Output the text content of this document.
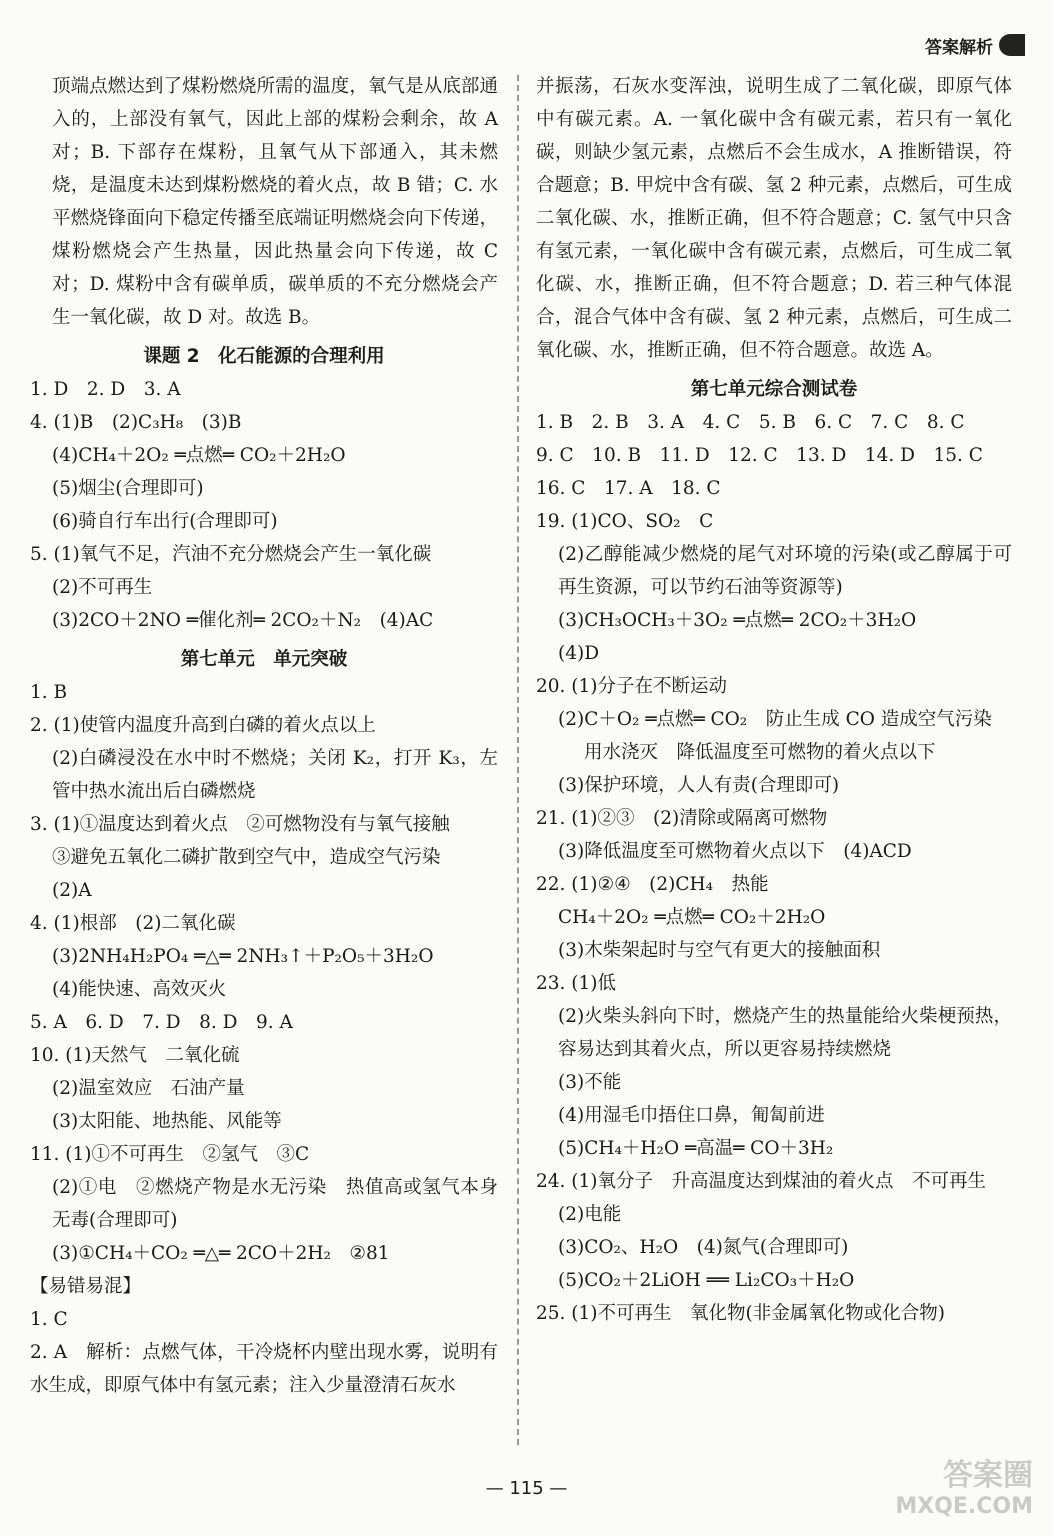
答案解析
顶端点燃达到了煤粉燃烧所需的温度，氧气是从底部通入的，上部没有氧气，因此上部的煤粉会剩余，故 A 对；B. 下部存在煤粉，且氧气从下部通入，其未燃烧，是温度未达到煤粉燃烧的着火点，故 B 错；C. 水平燃烧锋面向下稳定传播至底端证明燃烧会向下传递，煤粉燃烧会产生热量，因此热量会向下传递，故 C 对；D. 煤粉中含有碳单质，碳单质的不充分燃烧会产生一氧化碳，故 D 对。故选 B。
课题 2　化石能源的合理利用
1. D　2. D　3. A
4. (1)B　(2)C₃H₈　(3)B
(4)CH₄＋2O₂ ═点燃═ CO₂＋2H₂O
(5)烟尘(合理即可)
(6)骑自行车出行(合理即可)
5. (1)氧气不足，汽油不充分燃烧会产生一氧化碳
(2)不可再生
(3)2CO＋2NO ═催化剂═ 2CO₂＋N₂　(4)AC
第七单元　单元突破
1. B
2. (1)使管内温度升高到白磷的着火点以上
(2)白磷浸没在水中时不燃烧；关闭 K₂，打开 K₃，左管中热水流出后白磷燃烧
3. (1)①温度达到着火点　②可燃物没有与氧气接触
③避免五氧化二磷扩散到空气中，造成空气污染
(2)A
4. (1)根部　(2)二氧化碳
(3)2NH₄H₂PO₄ ═△═ 2NH₃↑＋P₂O₅＋3H₂O
(4)能快速、高效灭火
5. A　6. D　7. D　8. D　9. A
10. (1)天然气　二氧化硫
(2)温室效应　石油产量
(3)太阳能、地热能、风能等
11. (1)①不可再生　②氢气　③C
(2)①电　②燃烧产物是水无污染　热值高或氢气本身无毒(合理即可)
(3)①CH₄＋CO₂ ═△═ 2CO＋2H₂　②81
【易错易混】
1. C
2. A　解析：点燃气体，干冷烧杯内壁出现水雾，说明有水生成，即原气体中有氢元素；注入少量澄清石灰水
并振荡，石灰水变浑浊，说明生成了二氧化碳，即原气体中有碳元素。A. 一氧化碳中含有碳元素，若只有一氧化碳，则缺少氢元素，点燃后不会生成水，A 推断错误，符合题意；B. 甲烷中含有碳、氢 2 种元素，点燃后，可生成二氧化碳、水，推断正确，但不符合题意；C. 氢气中只含有氢元素，一氧化碳中含有碳元素，点燃后，可生成二氧化碳、水，推断正确，但不符合题意；D. 若三种气体混合，混合气体中含有碳、氢 2 种元素，点燃后，可生成二氧化碳、水，推断正确，但不符合题意。故选 A。
第七单元综合测试卷
1. B　2. B　3. A　4. C　5. B　6. C　7. C　8. C
9. C　10. B　11. D　12. C　13. D　14. D　15. C
16. C　17. A　18. C
19. (1)CO、SO₂　C
(2)乙醇能减少燃烧的尾气对环境的污染(或乙醇属于可再生资源，可以节约石油等资源等)
(3)CH₃OCH₃＋3O₂ ═点燃═ 2CO₂＋3H₂O
(4)D
20. (1)分子在不断运动
(2)C＋O₂ ═点燃═ CO₂　防止生成 CO 造成空气污染
用水浇灭　降低温度至可燃物的着火点以下
(3)保护环境，人人有责(合理即可)
21. (1)②③　(2)清除或隔离可燃物
(3)降低温度至可燃物着火点以下　(4)ACD
22. (1)②④　(2)CH₄　热能
CH₄＋2O₂ ═点燃═ CO₂＋2H₂O
(3)木柴架起时与空气有更大的接触面积
23. (1)低
(2)火柴头斜向下时，燃烧产生的热量能给火柴梗预热，容易达到其着火点，所以更容易持续燃烧
(3)不能
(4)用湿毛巾捂住口鼻，匍匐前进
(5)CH₄＋H₂O ═高温═ CO＋3H₂
24. (1)氧分子　升高温度达到煤油的着火点　不可再生
(2)电能
(3)CO₂、H₂O　(4)氮气(合理即可)
(5)CO₂＋2LiOH ══ Li₂CO₃＋H₂O
25. (1)不可再生　氧化物(非金属氧化物或化合物)
— 115 —	答案圈
MXQE.COM
